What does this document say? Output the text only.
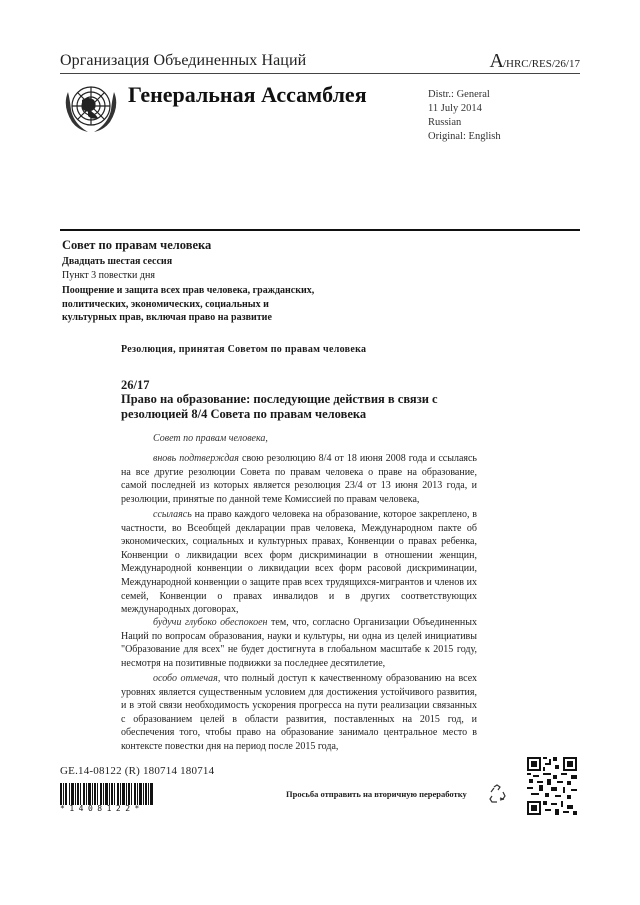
Организация Объединенных Наций	A/HRC/RES/26/17
Генеральная Ассамблея	Distr.: General
11 July 2014
Russian
Original: English
Совет по правам человека
Двадцать шестая сессия
Пункт 3 повестки дня
Поощрение и защита всех прав человека, гражданских, политических, экономических, социальных и культурных прав, включая право на развитие
Резолюция, принятая Советом по правам человека
26/17
Право на образование: последующие действия в связи с резолюцией 8/4 Совета по правам человека
Совет по правам человека,
вновь подтверждая свою резолюцию 8/4 от 18 июня 2008 года и ссылаясь на все другие резолюции Совета по правам человека о праве на образование, самой последней из которых является резолюция 23/4 от 13 июня 2013 года, и резолюции, принятые по данной теме Комиссией по правам человека,
ссылаясь на право каждого человека на образование, которое закреплено, в частности, во Всеобщей декларации прав человека, Международном пакте об экономических, социальных и культурных правах, Конвенции о правах ребенка, Конвенции о ликвидации всех форм дискриминации в отношении женщин, Международной конвенции о ликвидации всех форм расовой дискриминации, Международной конвенции о защите прав всех трудящихся-мигрантов и членов их семей, Конвенции о правах инвалидов и в других соответствующих международных договорах,
будучи глубоко обеспокоен тем, что, согласно Организации Объединенных Наций по вопросам образования, науки и культуры, ни одна из целей инициативы "Образование для всех" не будет достигнута в глобальном масштабе к 2015 году, несмотря на позитивные подвижки за последнее десятилетие,
особо отмечая, что полный доступ к качественному образованию на всех уровнях является существенным условием для достижения устойчивого развития, и в этой связи необходимость ускорения прогресса на пути реализации связанных с образованием целей в области развития, поставленных на 2015 год, и обеспечения того, чтобы право на образование занимало центральное место в контексте повестки дня на период после 2015 года,
GE.14-08122 (R) 180714 180714
*1408122*
Просьба отправить на вторичную переработку
